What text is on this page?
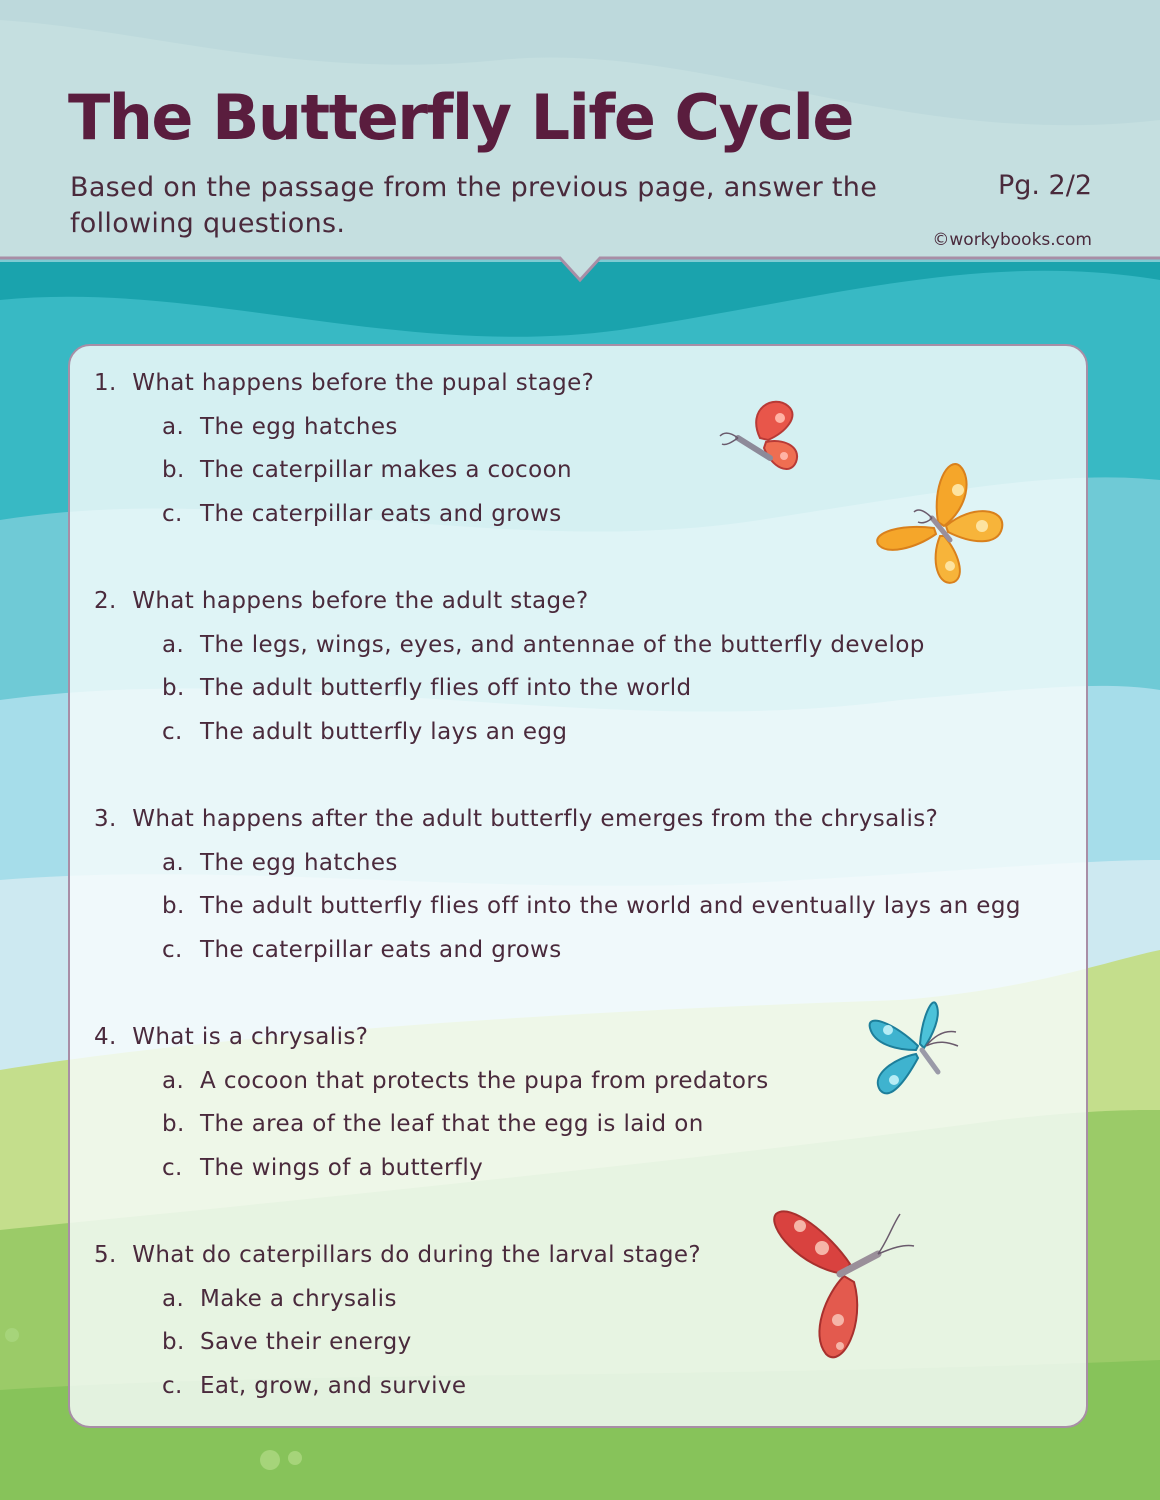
The Butterfly Life Cycle
Based on the passage from the previous page, answer the following questions.
Pg. 2/2
©workybooks.com

1. What happens before the pupal stage?

a. The egg hatches
b. The caterpillar makes a cocoon
c. The caterpillar eats and grows

2. What happens before the adult stage?

a. The legs, wings, eyes, and antennae of the butterfly develop
b. The adult butterfly flies off into the world
c. The adult butterfly lays an egg

3. What happens after the adult butterfly emerges from the chrysalis?

a. The egg hatches
b. The adult butterfly flies off into the world and eventually lays an egg
c. The caterpillar eats and grows

4. What is a chrysalis?

a. A cocoon that protects the pupa from predators
b. The area of the leaf that the egg is laid on
c. The wings of a butterfly

5. What do caterpillars do during the larval stage?

a. Make a chrysalis
b. Save their energy
c. Eat, grow, and survive
